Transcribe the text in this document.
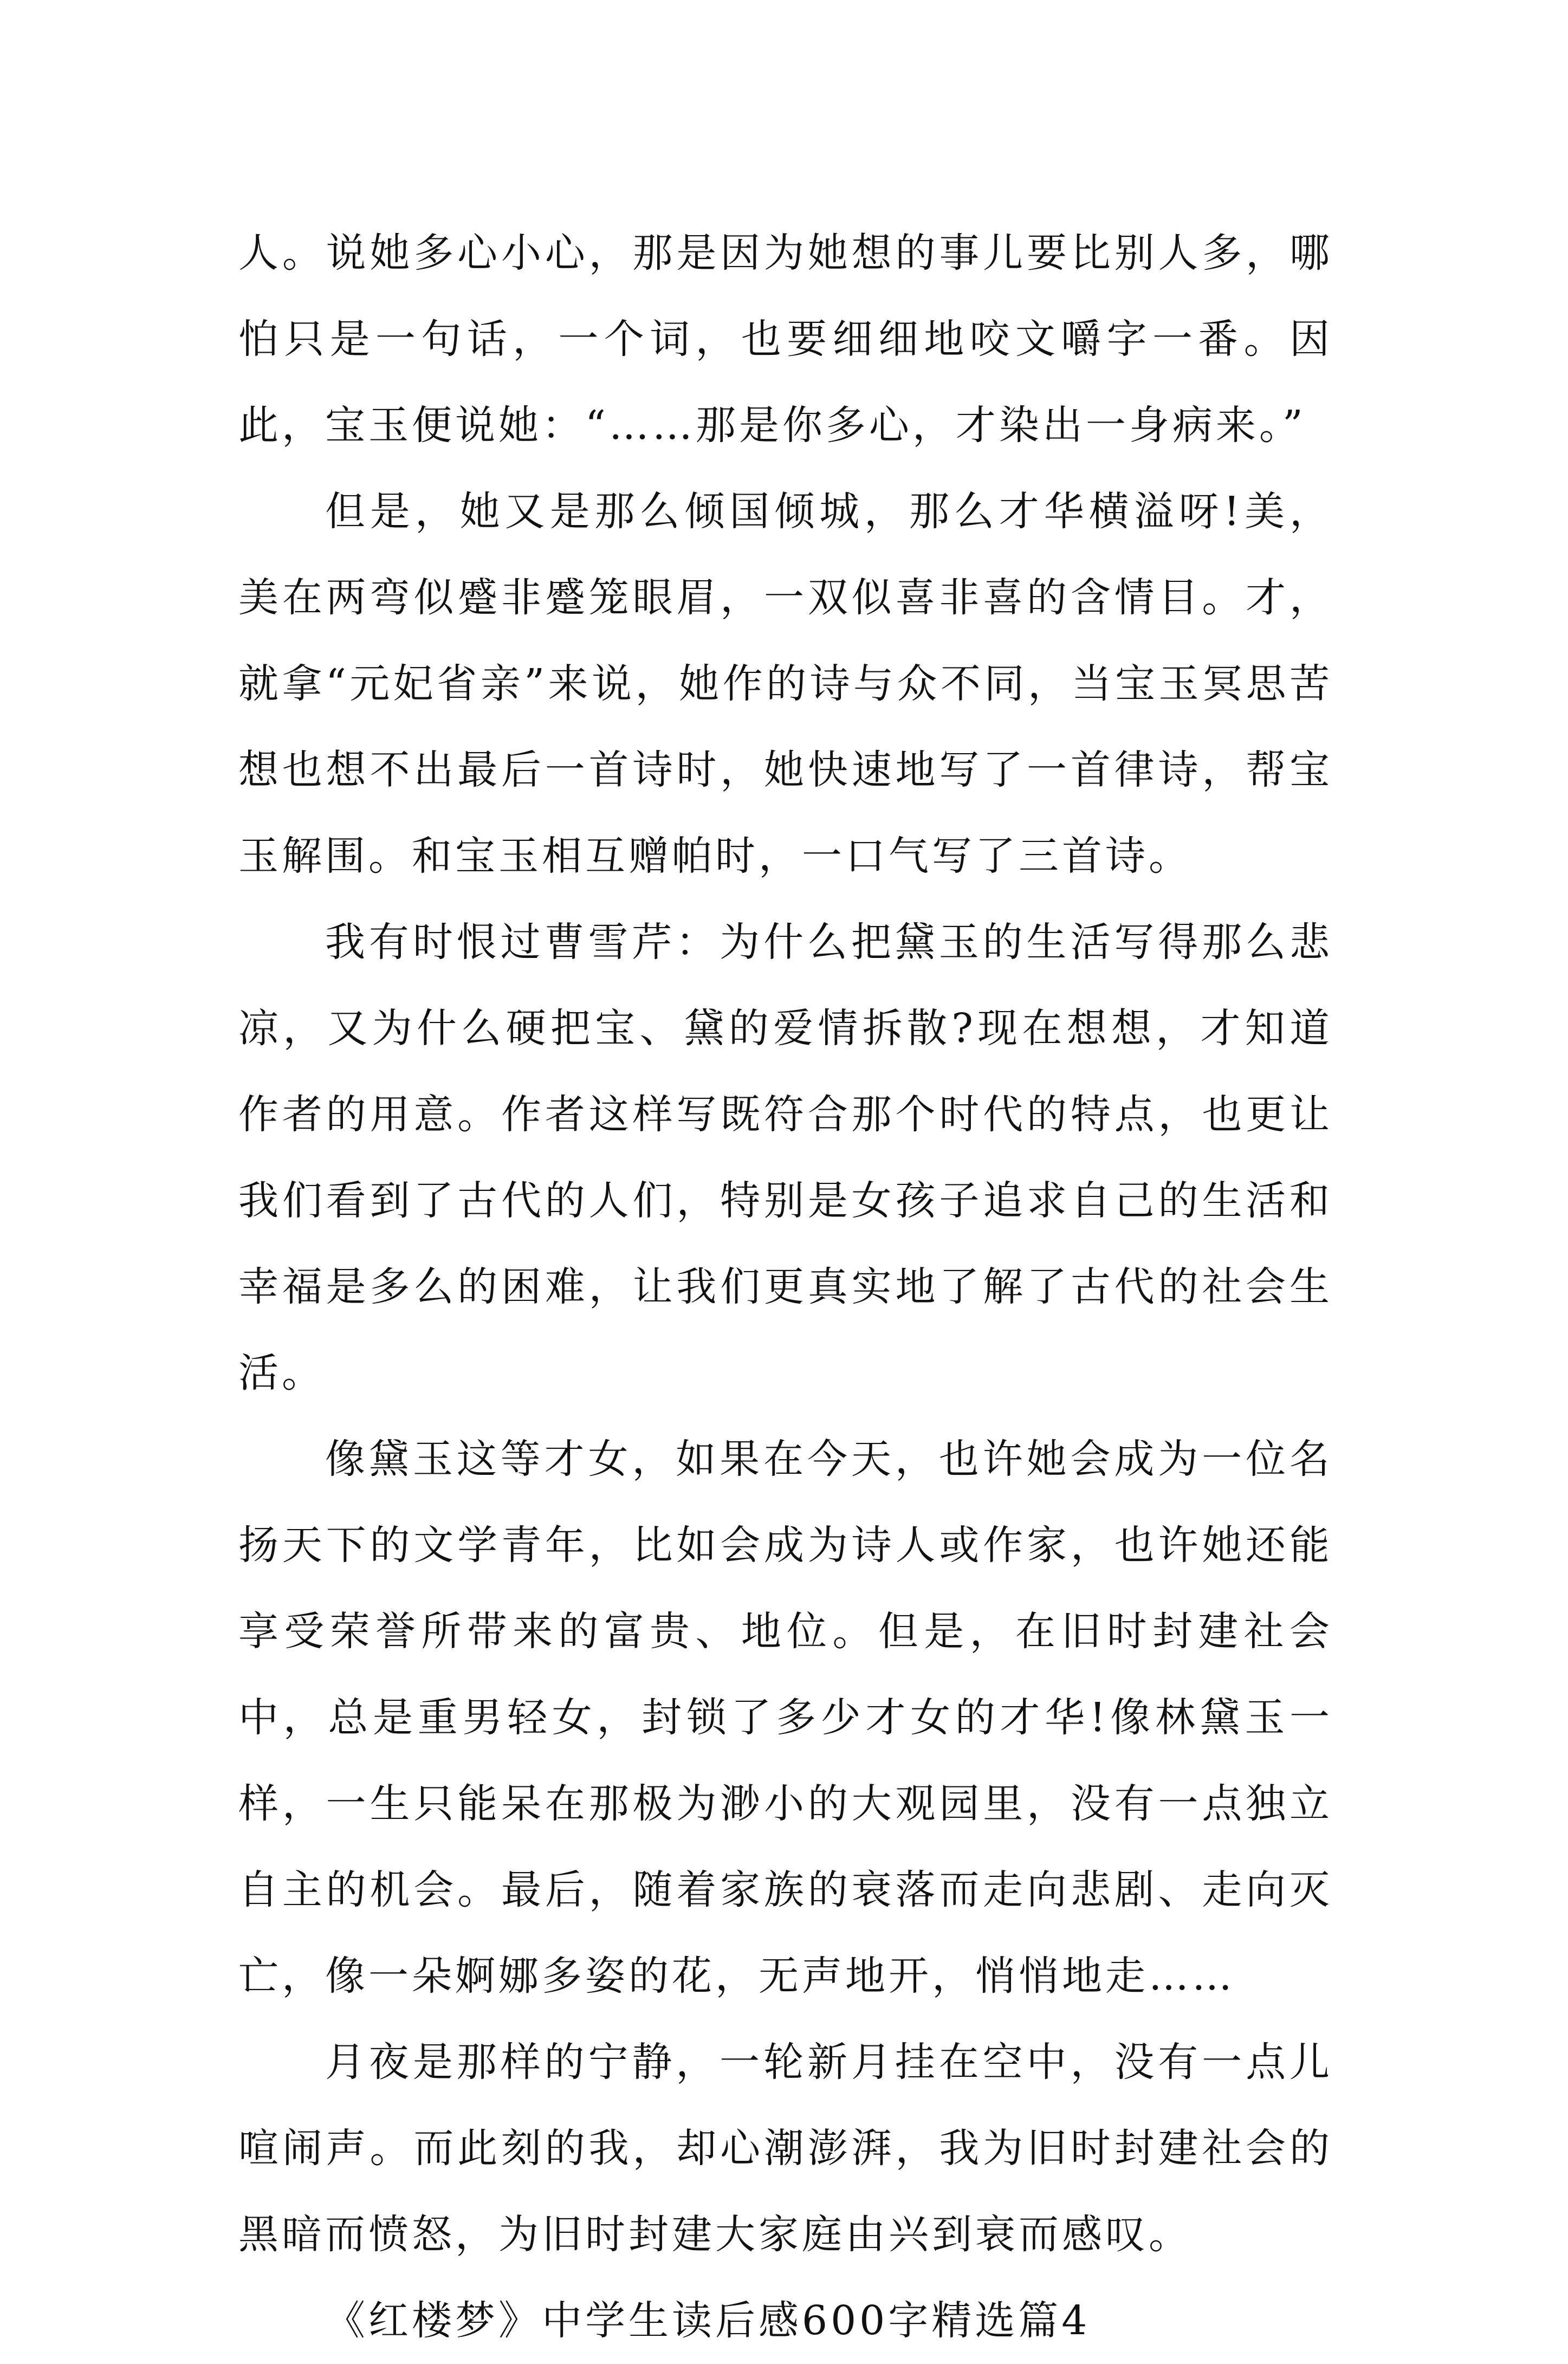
人。说她多心小心，那是因为她想的事儿要比别人多，哪怕只是一句话，一个词，也要细细地咬文嚼字一番。因此，宝玉便说她：“……那是你多心，才染出一身病来。”

但是，她又是那么倾国倾城，那么才华横溢呀!美，美在两弯似蹙非蹙笼眼眉，一双似喜非喜的含情目。才，就拿“元妃省亲”来说，她作的诗与众不同，当宝玉冥思苦想也想不出最后一首诗时，她快速地写了一首律诗，帮宝玉解围。和宝玉相互赠帕时，一口气写了三首诗。

我有时恨过曹雪芹：为什么把黛玉的生活写得那么悲凉，又为什么硬把宝、黛的爱情拆散?现在想想，才知道作者的用意。作者这样写既符合那个时代的特点，也更让我们看到了古代的人们，特别是女孩子追求自己的生活和幸福是多么的困难，让我们更真实地了解了古代的社会生活。

像黛玉这等才女，如果在今天，也许她会成为一位名扬天下的文学青年，比如会成为诗人或作家，也许她还能享受荣誉所带来的富贵、地位。但是，在旧时封建社会中，总是重男轻女，封锁了多少才女的才华!像林黛玉一样，一生只能呆在那极为渺小的大观园里，没有一点独立自主的机会。最后，随着家族的衰落而走向悲剧、走向灭亡，像一朵婀娜多姿的花，无声地开，悄悄地走……

月夜是那样的宁静，一轮新月挂在空中，没有一点儿喧闹声。而此刻的我，却心潮澎湃，我为旧时封建社会的黑暗而愤怒，为旧时封建大家庭由兴到衰而感叹。

《红楼梦》中学生读后感600字精选篇4
